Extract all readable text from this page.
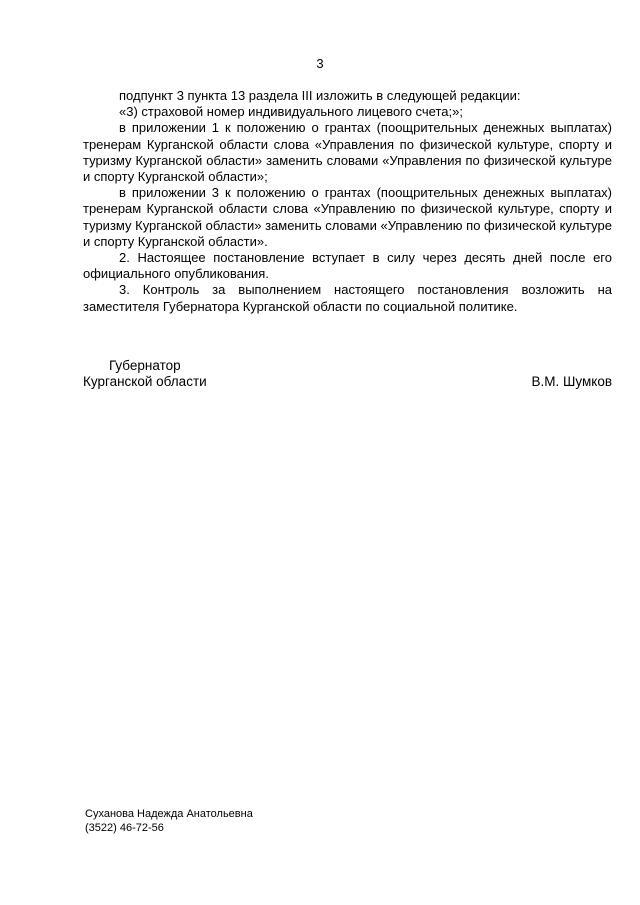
3

подпункт 3 пункта 13 раздела III изложить в следующей редакции:

«3) страховой номер индивидуального лицевого счета;»;

в приложении 1 к положению о грантах (поощрительных денежных выплатах) тренерам Курганской области слова «Управления по физической культуре, спорту и туризму Курганской области» заменить словами «Управления по физической культуре и спорту Курганской области»;

в приложении 3 к положению о грантах (поощрительных денежных выплатах) тренерам Курганской области слова «Управлению по физической культуре, спорту и туризму Курганской области» заменить словами «Управлению по физической культуре и спорту Курганской области».

2. Настоящее постановление вступает в силу через десять дней после его официального опубликования.

3. Контроль за выполнением настоящего постановления возложить на заместителя Губернатора Курганской области по социальной политике.

Губернатор
Курганской области	В.М. Шумков
Суханова Надежда Анатольевна
(3522) 46-72-56
